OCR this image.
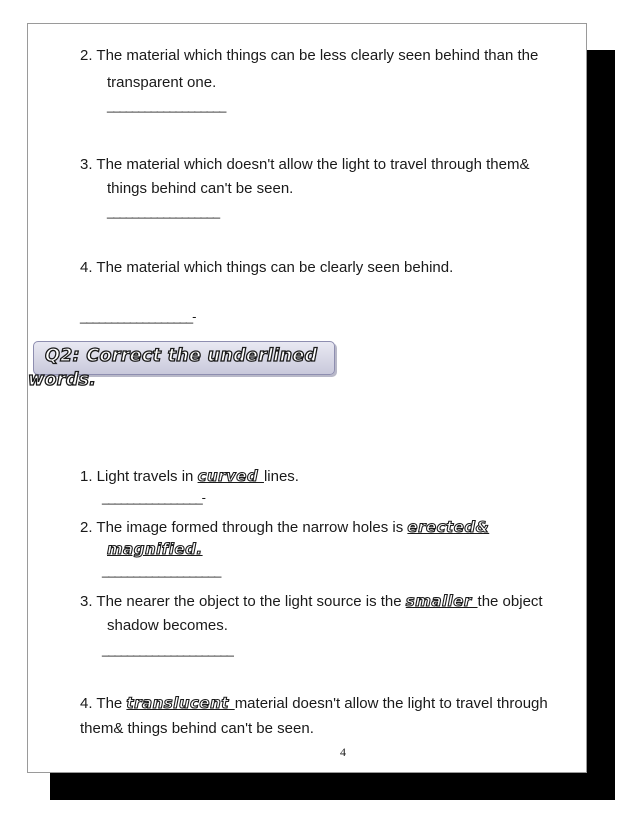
2. The material which things can be less clearly seen behind than the
transparent one.
___________________
3. The material which doesn't allow the light to travel through them&
things behind can't be seen.
__________________
4. The material which things can be clearly seen behind.
__________________-
Q2: Correct the underlined
words.
1. Light travels in curved lines.
________________-
2. The image formed through the narrow holes is erected&
magnified.
___________________
3. The nearer the object to the light source is the smaller the object
shadow becomes.
_____________________
4. The translucent material doesn't allow the light to travel through
them& things behind can't be seen.
4
